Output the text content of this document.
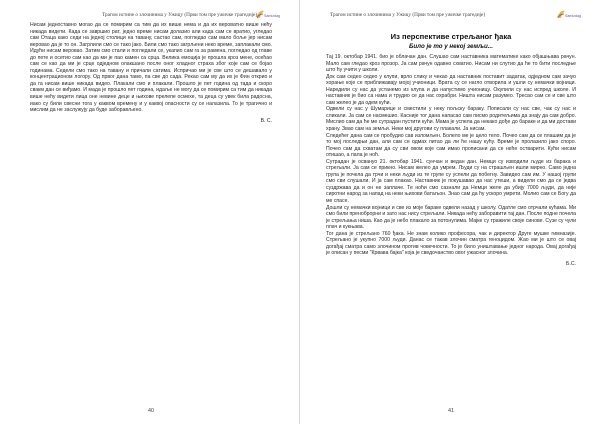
Трагом истине о злочинима у Ужицу (Први том пре ужичке трагедије) Samizdag

Нисам једноставно могао да се помирим са тим да их више нема и да их вероватно више нећу никада видети. Када се завршио рат, једно време нисам долазио али када сам се вратио, угледао сам Отаца како седи на једној столици на тавану, састао сам, погледао сам мало боље јер нисам веровао да је то он. Загрлили смо се тако јако. Били смо тако загрљени неко време, заплакали смо. Идући нисам веровао. Затим смо стали и погледали се, укапио сам га за рамена, погледао од главе до пете и осетио сам као да ми је пао камен са срца. Велика емоција је прошла кроз мене, осећао сам се као да ми је срце одједном олакшано после оног хладног страха због које сам се бојао годинама. Седели смо тако на тавану и причали сатима. Испричао ми је све што се дешавало у концентрационом логору. Од првог дана тамо, па све до сада. Рекао сам му да их је Фин открио и да га нисам више никада видео. Плакали смо и плакали. Прошло је пет година од тада и скоро свакм дан се виђамо. И мада је прошло пет година, идаље не могу да се помирим са тим да никада више нећу видети лица оне невине деце и њихове прелепе осмехе, та деца су увек била радосна, иако су били свесни тога у каквом времену и у каквој опасности су се налазила. То је трагично и мислим да не заслужују да буде заборављено.

В. С.

40
Трагом истине о злочинима у Ужицу (Први том пре ужичке трагедије)	Samizdag

Из перспективе стрељаног ђака

Било је то у некој земљи...

Тај 19. октобар 1941. био је облачан дан. Слушао сам наставника математике како објашњава рачун. Мало сам гледао кроз прозор. Ја сам рачун одавно схватио. Нисам ни слутио да ће то бити последње што ћу учити у школи.

Док сам седео седео у клупи, врло слику и чекао да наставник поставит задатак, одједном сам зачуо хорање које се приближавају мојој учионици. Врата су се нагло отворила и ушли су немачки војници. Наредили су нас да устанемо из клупа и да напустимо учионицу. Окупили су нас испред школе. И наставник је био са нама и трудио се да нас охрабри. Ништа нисам разумео. Тресао сам се и све што сам желео је да одем кући.

Одвели су нас у Шумарице и сместили у неку пољску бараку. Пописали су нас све, чак су нас и сликали. Ја сам се насмешио. Касније тог дана напасао сам писмо родитељима да знају да сам добро. Мислио сам да ће ме сутрадан пустити кући. Мама је успела да некако дође до бараке и да ми достави храну. Звао сам на земљи. Неки мој другови су плакали. Ја нисам.

Следећег дана сам се пробудио сав изломљен. Болело ме је цело тело. Почео сам да се плашим да је то мој последњи дан, али сам се одмах питао да ли ће нашу кућу. Време је пролазило јако споро. Почео сам да схватам да су сви овом које сам имао прописани да се неће остварити. Кући нисам отишао, а пала је ноћ.

Сутрадан је освануо 21. октобар 1941. сунчан и ведан дан. Немци су изводили људе из барака и стрељали. Ја сам се прикно. Нисам желео да умрем. Људи су на страшљен ишли мирно. Само једна група је почела да трчи и неки људи из те групе су успели да побегну. Завидео сам им. У нашој групи смо сви слушали. И ја сам плакао. Наставник је покушавао да нас утеши, а видели смо да се једва суздржава да и он не заплаче. Те ноћи смо сазнали да Немци желе да убију 7000 људи, да није сиротни народ за напад на неки њихови батаљон. Знао сам да ћу ускоро умрети. Молио сам се Богу да ме спасе.

Дошли су немачки војници и све из моје бараке одвели назад у школу. Одатле смо отрчали кућама. Ми смо били преноброрни и зато нас нису стрељали. Никада нећу заборавити тај дан. После подне почела је стрељања ниша. Као да је небо плакало за потонулима. Мајке су тражиле своје синове. Сузе су чули плач и кукњава.

Тог дана је стрељано 760 ђака. Не знам колико професора, чак и директор Друге мушке гимназије. Стрељано је укупно 7000 људи. Данас се такав злочин сматра геноцидом. Жао ми је што се овај догађај сматра само злочином против човечности. То је било уништавање једног народа. Овај догађај је описан у песми "Крвава бајка" која је сведочанство овог ужасног злочина.

Б.С.

41
